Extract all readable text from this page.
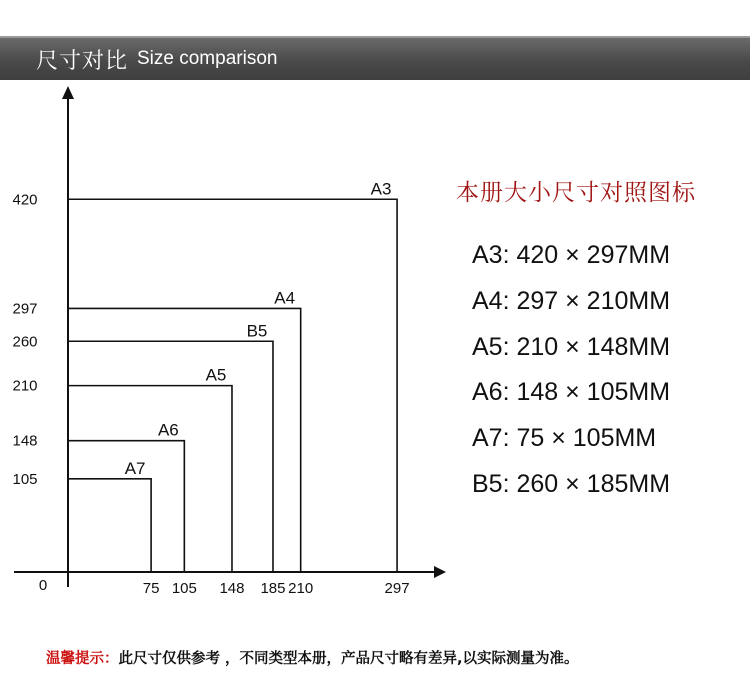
尺寸对比 Size comparison
A3
A4
B5
A5
A6
A7
75 105 148 185 210	297
105
148
210
260
297
420
0
本册大小尺寸对照图标
A3: 420 × 297MM
A4: 297 × 210MM
A5: 210 × 148MM
A6: 148 × 105MM
A7: 75 × 105MM
B5: 260 × 185MM
温馨提示：此尺寸仅供参考 ，不同类型本册，产品尺寸略有差异,以实际测量为准。
